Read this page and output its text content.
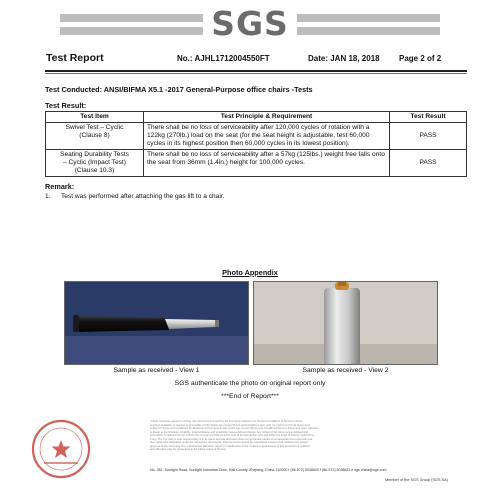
SGS
Test Report	No.: AJHL1712004550FT	Date: JAN 18, 2018 Page 2 of 2
Test Conducted: ANSI/BIFMA X5.1 -2017 General-Purpose office chairs -Tests
Test Result:
Test Item	Test Principle & Requirement	Test Result

Swivel Test – Cyclic
(Clause 8)	There shall be no loss of serviceability after 120,000 cycles of rotation with a 122kg (270lb.) load on the seat (for the seat height is adjustable, test 60,000 cycles in its highest position then 60,000 cycles in its lowest position).	PASS

Seating Durability Tests
– Cyclic (Impact Test)
(Clause 10.3)	There shall be no loss of serviceability after a 57kg (125lbs.) weight free falls onto the seat from 36mm (1.4in.) height for 100,000 cycles.	PASS
Remark:
1. Test was performed after attaching the gas lift to a chair.
Photo Appendix
Sample as received - View 1	Sample as received - View 2
SGS authenticate the photo on original report only
***End of Report***

Unless otherwise agreed in writing, this document is issued by the Company subject to its General Conditions of Service printed

overleaf, available on request or accessible at http://www.sgs.com/en/Terms-and-Conditions.aspx and, for electronic format documents,

subject to Terms and Conditions for Electronic Documents at http://www.sgs.com/en/Terms-and-Conditions/Terms-e-Document.aspx. Attention

is drawn to the limitation of liability, indemnification and jurisdiction issues defined therein. Any holder of this document is advised that

information contained hereon reflects the Company's findings at the time of its intervention only and within the limits of Client's instructions,

if any. The Company's sole responsibility is to its Client and this document does not exonerate parties to a transaction from exercising all

their rights and obligations under the transaction documents. This document cannot be reproduced except in full, without prior written

approval of the Company. Any unauthorized alteration, forgery or falsification of the content or appearance of this document is unlawful

and offenders may be prosecuted to the fullest extent of the law.

No. 381, Sunlight Road, Sunlight Industrial Zone, Hall County, Zhejiang, China 310000 t (86-572) 5038600 f (86-572) 5038611 e sgs.china@sgs.com
Member of the SGS Group (SGS SA)
